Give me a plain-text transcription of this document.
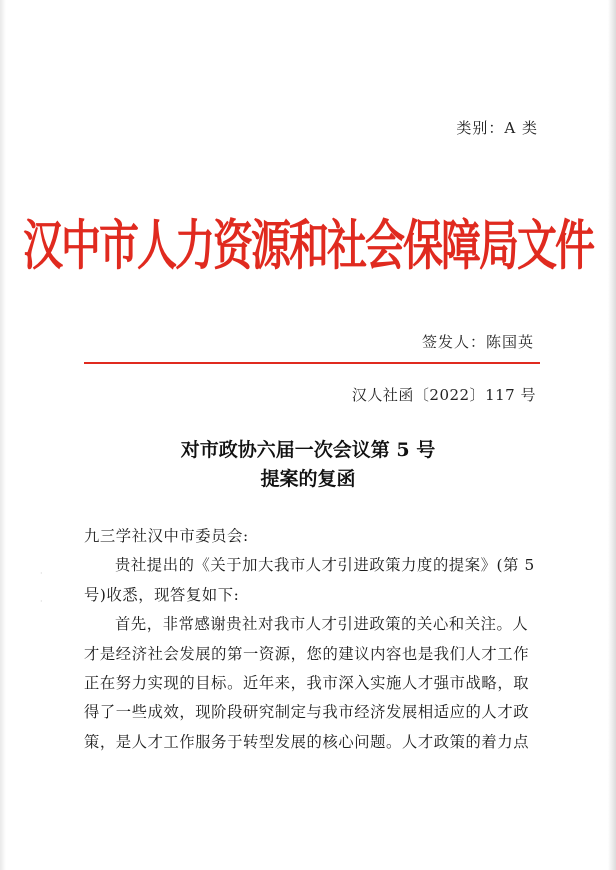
·
·
类别：A 类
汉中市人力资源和社会保障局文件
签发人：陈国英
汉人社函〔2022〕117 号
对市政协六届一次会议第 5 号
提案的复函

九三学社汉中市委员会:

贵社提出的《关于加大我市人才引进政策力度的提案》(第 5 号)收悉，现答复如下:

首先，非常感谢贵社对我市人才引进政策的关心和关注。人才是经济社会发展的第一资源，您的建议内容也是我们人才工作正在努力实现的目标。近年来，我市深入实施人才强市战略，取得了一些成效，现阶段研究制定与我市经济发展相适应的人才政策，是人才工作服务于转型发展的核心问题。人才政策的着力点
